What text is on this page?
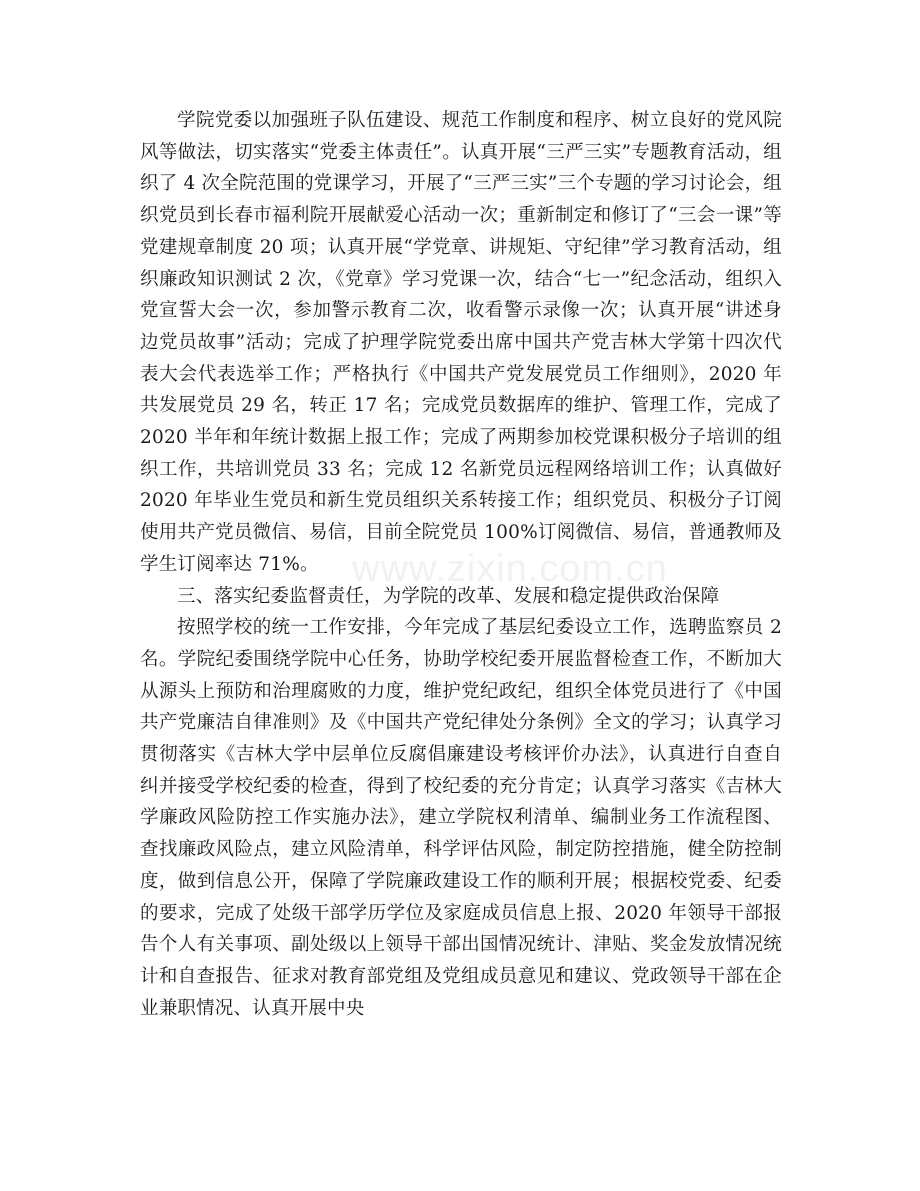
学院党委以加强班子队伍建设、规范工作制度和程序、树立良好的党风院风等做法，切实落实“党委主体责任”。认真开展“三严三实”专题教育活动，组织了 4 次全院范围的党课学习，开展了“三严三实”三个专题的学习讨论会，组织党员到长春市福利院开展献爱心活动一次；重新制定和修订了“三会一课”等党建规章制度 20 项；认真开展“学党章、讲规矩、守纪律”学习教育活动，组织廉政知识测试 2 次，《党章》学习党课一次，结合“七一”纪念活动，组织入党宣誓大会一次，参加警示教育二次，收看警示录像一次；认真开展“讲述身边党员故事”活动；完成了护理学院党委出席中国共产党吉林大学第十四次代表大会代表选举工作；严格执行《中国共产党发展党员工作细则》，2020 年共发展党员 29 名，转正 17 名；完成党员数据库的维护、管理工作，完成了 2020 半年和年统计数据上报工作；完成了两期参加校党课积极分子培训的组织工作，共培训党员 33 名；完成 12 名新党员远程网络培训工作；认真做好 2020 年毕业生党员和新生党员组织关系转接工作；组织党员、积极分子订阅使用共产党员微信、易信，目前全院党员 100%订阅微信、易信，普通教师及学生订阅率达 71%。

三、落实纪委监督责任，为学院的改革、发展和稳定提供政治保障

按照学校的统一工作安排，今年完成了基层纪委设立工作，选聘监察员 2 名。学院纪委围绕学院中心任务，协助学校纪委开展监督检查工作，不断加大从源头上预防和治理腐败的力度，维护党纪政纪，组织全体党员进行了《中国共产党廉洁自律准则》及《中国共产党纪律处分条例》全文的学习；认真学习贯彻落实《吉林大学中层单位反腐倡廉建设考核评价办法》，认真进行自查自纠并接受学校纪委的检查，得到了校纪委的充分肯定；认真学习落实《吉林大学廉政风险防控工作实施办法》，建立学院权利清单、编制业务工作流程图、查找廉政风险点，建立风险清单，科学评估风险，制定防控措施，健全防控制度，做到信息公开，保障了学院廉政建设工作的顺利开展；根据校党委、纪委的要求，完成了处级干部学历学位及家庭成员信息上报、2020 年领导干部报告个人有关事项、副处级以上领导干部出国情况统计、津贴、奖金发放情况统计和自查报告、征求对教育部党组及党组成员意见和建议、党政领导干部在企业兼职情况、认真开展中央

www.zixin.com.cn
